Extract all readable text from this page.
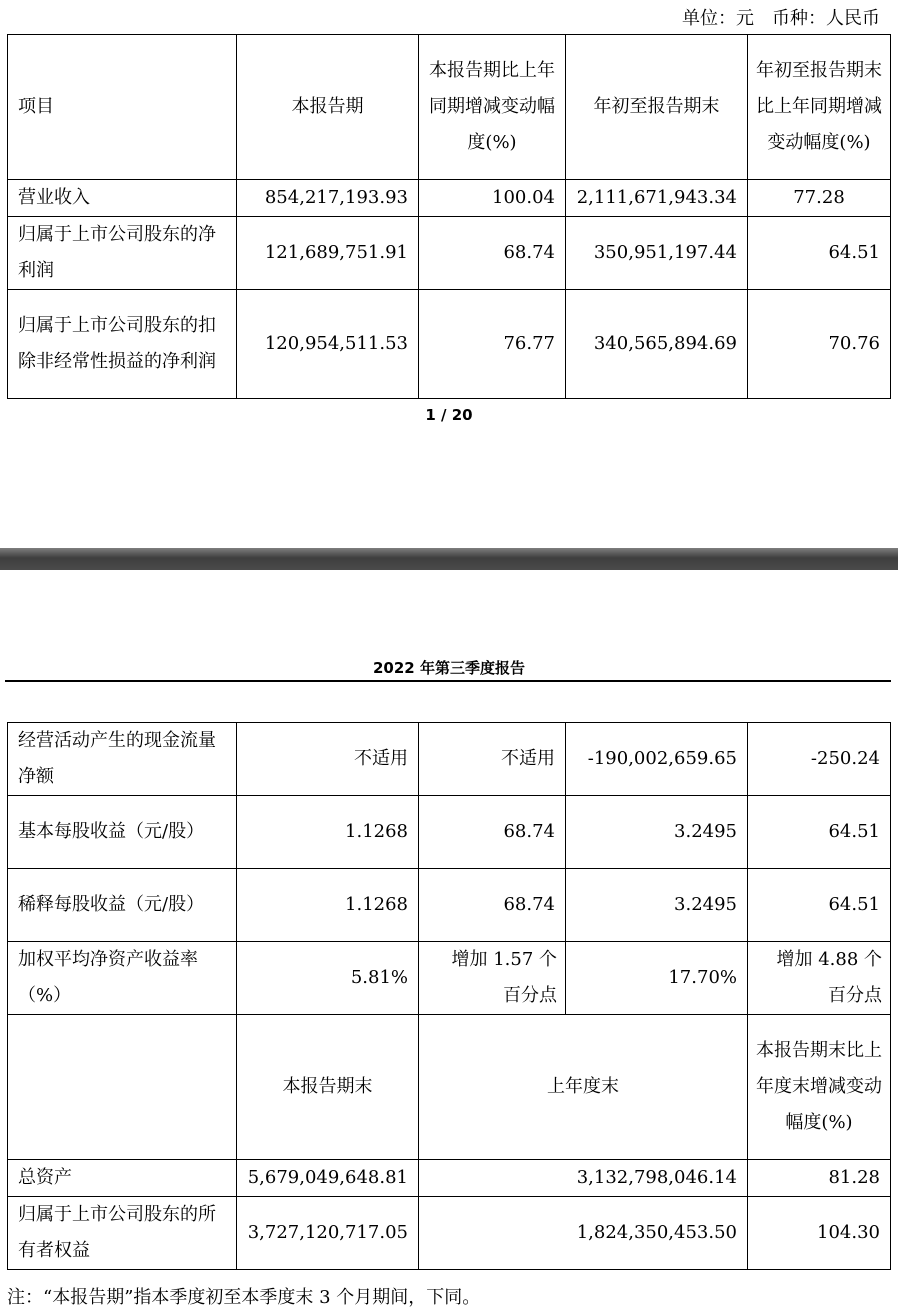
单位：元　币种：人民币
项目	本报告期	本报告期比上年同期增减变动幅度(%)	年初至报告期末	年初至报告期末比上年同期增减变动幅度(%)
营业收入	854,217,193.93	100.04	2,111,671,943.34	77.28
归属于上市公司股东的净利润	121,689,751.91	68.74	350,951,197.44	64.51
归属于上市公司股东的扣除非经常性损益的净利润	120,954,511.53	76.77	340,565,894.69	70.76
1 / 20
2022 年第三季度报告
经营活动产生的现金流量净额	不适用	不适用	-190,002,659.65	-250.24
基本每股收益（元/股）	1.1268	68.74	3.2495	64.51
稀释每股收益（元/股）	1.1268	68.74	3.2495	64.51
加权平均净资产收益率（%）	5.81%	增加 1.57 个百分点	17.70%	增加 4.88 个百分点
	本报告期末	上年度末		本报告期末比上年度末增减变动幅度(%)
总资产	5,679,049,648.81	3,132,798,046.14		81.28
归属于上市公司股东的所有者权益	3,727,120,717.05	1,824,350,453.50		104.30
注：“本报告期”指本季度初至本季度末 3 个月期间，下同。
